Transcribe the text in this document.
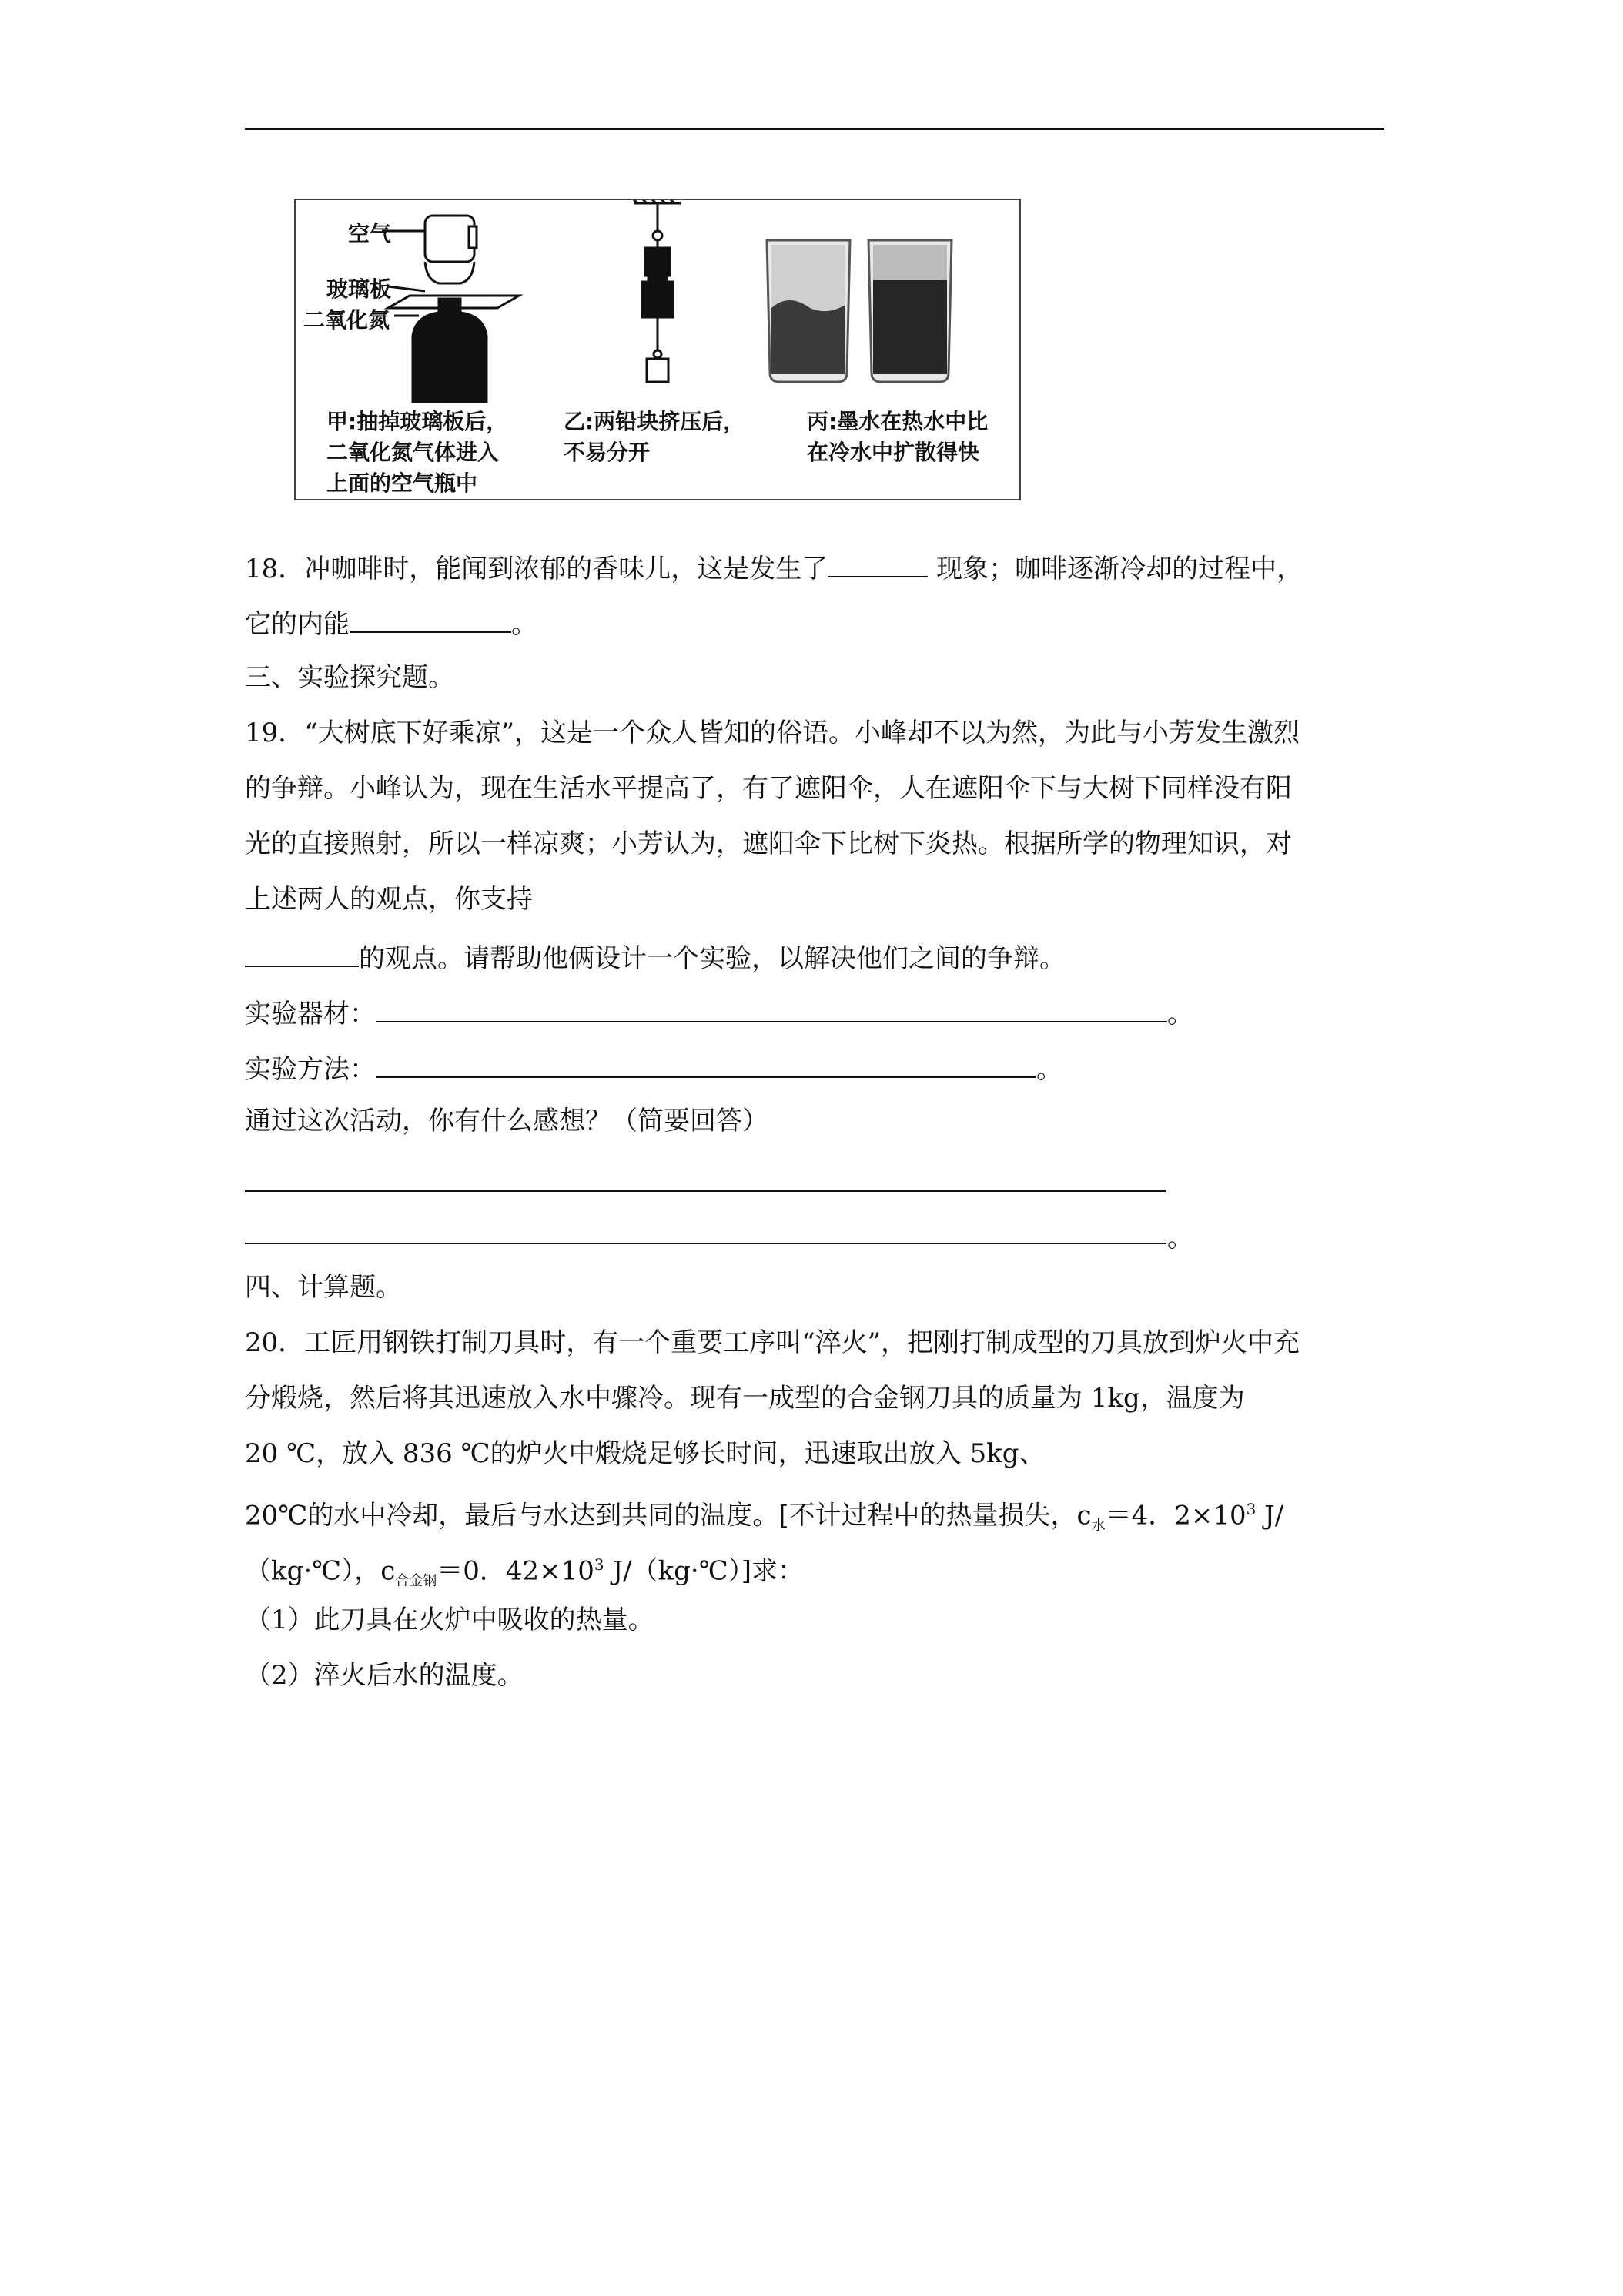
空气
玻璃板
二氧化氮
甲:抽掉玻璃板后，
二氧化氮气体进入
上面的空气瓶中
乙:两铅块挤压后，
不易分开
丙:墨水在热水中比
在冷水中扩散得快
18．冲咖啡时，能闻到浓郁的香味儿，这是发生了	现象；咖啡逐渐冷却的过程中，
它的内能	。
三、实验探究题。
19．“大树底下好乘凉”，这是一个众人皆知的俗语。小峰却不以为然，为此与小芳发生激烈
的争辩。小峰认为，现在生活水平提高了，有了遮阳伞，人在遮阳伞下与大树下同样没有阳
光的直接照射，所以一样凉爽；小芳认为，遮阳伞下比树下炎热。根据所学的物理知识，对
上述两人的观点，你支持
的观点。请帮助他俩设计一个实验，以解决他们之间的争辩。
实验器材：	。
实验方法：	。
通过这次活动，你有什么感想？（简要回答）
。
四、计算题。
20．工匠用钢铁打制刀具时，有一个重要工序叫“淬火”，把刚打制成型的刀具放到炉火中充
分煅烧，然后将其迅速放入水中骤冷。现有一成型的合金钢刀具的质量为 1kg，温度为
20 ℃，放入 836 ℃的炉火中煅烧足够长时间，迅速取出放入 5kg、
20℃的水中冷却，最后与水达到共同的温度。[不计过程中的热量损失，$c_水=4$．$2\times 10^3$ J/
（kg·℃），$c_{合金钢}=0$．$42\times 10^3$ J/（kg·℃）]求：
（1）此刀具在火炉中吸收的热量。
（2）淬火后水的温度。
